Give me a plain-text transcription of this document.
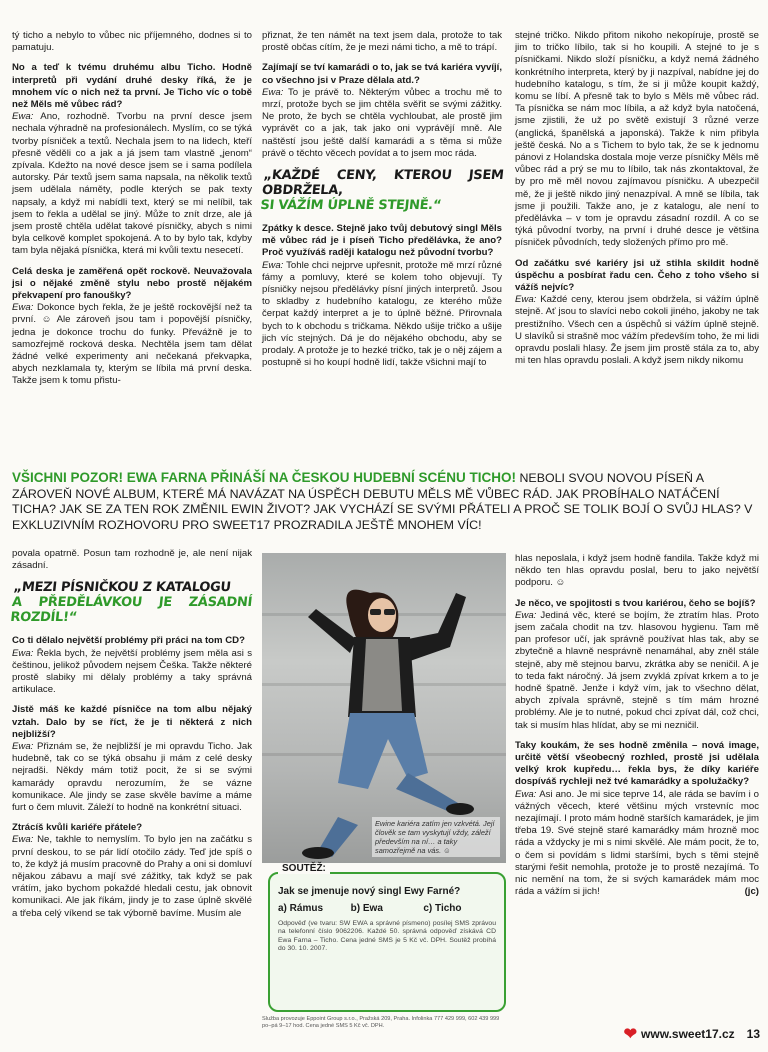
tý ticho a nebylo to vůbec nic příjemného, dodnes si to pamatuju.

No a teď k tvému druhému albu Ticho. Hodně interpretů při vydání druhé desky říká, že je mnohem víc o nich než ta první. Je Ticho víc o tobě než Měls mě vůbec rád?
Ewa: Ano, rozhodně. Tvorbu na první desce jsem nechala výhradně na profesionálech. Myslím, co se týká tvorby písniček a textů. Nechala jsem to na lidech, kteří přesně věděli co a jak a já jsem tam vlastně „jenom“ zpívala. Kdežto na nové desce jsem se i sama podílela autorsky. Pár textů jsem sama napsala, na několik textů jsem udělala náměty, podle kterých se pak texty napsaly, a když mi nabídli text, který se mi nelíbil, tak jsem to řekla a udělal se jiný. Může to znít drze, ale já jsem prostě chtěla udělat takové písničky, abych s nimi byla celkově komplet spokojená. A to by bylo tak, kdyby tam byla nějaká písnička, která mi kvůli textu nesecetí.

Celá deska je zaměřená opět rockově. Neuvažovala jsi o nějaké změně stylu nebo prostě nějakém překvapení pro fanoušky?
Ewa: Dokonce bych řekla, že je ještě rockovější než ta první. ☺ Ale zároveň jsou tam i popovější písničky, jedna je dokonce trochu do funky. Převážně je to samozřejmě rocková deska. Nechtěla jsem tam dělat žádné velké experimenty ani nečekaná překvapka, abych nezklamala ty, kterým se líbila má první deska. Takže jsem k tomu přistu-

přiznat, že ten námět na text jsem dala, protože to tak prostě občas cítím, že je mezi námi ticho, a mě to trápí.

Zajímají se tví kamarádi o to, jak se tvá kariéra vyvíjí, co všechno jsi v Praze dělala atd.?
Ewa: To je právě to. Některým vůbec a trochu mě to mrzí, protože bych se jim chtěla svěřit se svými zážitky. Ne proto, že bych se chtěla vychloubat, ale prostě jim vyprávět co a jak, tak jako oni vyprávějí mně. Ale naštěstí jsou ještě další kamarádi a s těma si může právě o těchto věcech povídat a to jsem moc ráda.

„KAŽDÉ CENY, KTEROU JSEM OBDRŽELA,
SI VÁŽÍM ÚPLNĚ STEJNĚ.“

Zpátky k desce. Stejně jako tvůj debutový singl Měls mě vůbec rád je i píseň Ticho předělávka, že ano? Proč využíváš raději katalogu než původní tvorbu?
Ewa: Tohle chci nejprve upřesnit, protože mě mrzí různé fámy a pomluvy, které se kolem toho objevují. Ty písničky nejsou předělávky písní jiných interpretů. Jsou to skladby z hudebního katalogu, ze kterého může čerpat každý interpret a je to úplně běžné. Přirovnala bych to k obchodu s tričkama. Někdo ušije tričko a ušije jich víc stejných. Dá je do nějakého obchodu, aby se prodaly. A protože je to hezké tričko, tak je o něj zájem a postupně si ho koupí hodně lidí, takže všichni mají to

stejné tričko. Nikdo přitom nikoho nekopíruje, prostě se jim to tričko líbilo, tak si ho koupili. A stejné to je s písničkami. Nikdo složí písničku, a když nemá žádného konkrétního interpreta, který by ji nazpíval, nabídne jej do hudebního katalogu, s tím, že si ji může koupit každý, komu se líbí. A přesně tak to bylo s Měls mě vůbec rád. Ta písnička se nám moc líbila, a až když byla natočená, jsme zjistili, že už po světě existují 3 různé verze (anglická, španělská a japonská). Takže k nim přibyla ještě česká. No a s Tichem to bylo tak, že se k jednomu pánovi z Holandska dostala moje verze písničky Měls mě vůbec rád a prý se mu to líbilo, tak nás zkontaktoval, že by pro mě měl novou zajímavou písničku. A ubezpečil mě, že ji ještě nikdo jiný nenazpíval. A mně se líbila, tak jsme ji použili. Takže ano, je z katalogu, ale není to předělávka – v tom je opravdu zásadní rozdíl. A co se týká původní tvorby, na první i druhé desce je většina písniček původních, tedy složených přímo pro mě.

Od začátku své kariéry jsi už stihla skildit hodně úspěchu a posbírat řadu cen. Čeho z toho všeho si vážíš nejvíc?
Ewa: Každé ceny, kterou jsem obdržela, si vážím úplně stejně. Ať jsou to slavíci nebo cokoli jiného, jakoby ne tak prestižního. Všech cen a úspěchů si vážím úplně stejně. U slavíků si strašně moc vážím především toho, že mi lidi opravdu poslali hlasy. Že jsem jim prostě stála za to, aby mi ten hlas opravdu poslali. A když jsem nikdy nikomu

VŠICHNI POZOR! EWA FARNA PŘINÁŠÍ NA ČESKOU HUDEBNÍ SCÉNU TICHO! NEBOLI SVOU NOVOU PÍSEŇ A ZÁROVEŇ NOVÉ ALBUM, KTERÉ MÁ NAVÁZAT NA ÚSPĚCH DEBUTU MĚLS MĚ VŮBEC RÁD. JAK PROBÍHALO NATÁČENÍ TICHА? JAK SE ZA TEN ROK ZMĚNIL EWIN ŽIVOT? JAK VYCHÁZÍ SE SVÝMI PŘÁTELI A PROČ SE TOLIK BOJÍ O SVŮJ HLAS? V EXKLUZIVNÍM ROZHOVORU PRO SWEET17 PROZRADILA JEŠTĚ MNOHEM VÍC!

povala opatrně. Posun tam rozhodně je, ale není nijak zásadní.

„MEZI PÍSNIČKOU Z KATALOGU
A PŘEDĚLÁVKOU JE ZÁSADNÍ ROZDÍL!“

Co ti dělalo největší problémy při práci na tom CD?
Ewa: Řekla bych, že největší problémy jsem měla asi s češtinou, jelikož původem nejsem Češka. Takže některé prostě slabiky mi dělaly problémy a taky správná artikulace.

Jistě máš ke každé písničce na tom albu nějaký vztah. Dalo by se říct, že je ti některá z nich nejbližší?
Ewa: Přiznám se, že nejbližší je mi opravdu Ticho. Jak hudebně, tak co se týká obsahu ji mám z celé desky nejradši. Někdy mám totiž pocit, že si se svými kamarády opravdu nerozumím, že se vázne komunikace. Ale jindy se zase skvěle bavíme a máme furt o čem mluvit. Záleží to hodně na konkrétní situaci.

Ztrácíš kvůli kariéře přátele?
Ewa: Ne, takhle to nemyslím. To bylo jen na začátku s první deskou, to se pár lidí otočilo zády. Teď jde spíš o to, že když já musím pracovně do Prahy a oni si domluví nějakou zábavu a mají své zážitky, tak když se pak vrátím, jako bychom pokaždé hledali cestu, jak obnovit komunikaci. Ale jak říkám, jindy je to zase úplně skvělé a třeba celý víkend se tak výborně bavíme. Musím ale

Ewine kariéra zatím jen vzkvétá. Její člověk se tam vyskytují vždy, záleží především na ní… a taky samozřejmě na vás. ☺
SOUTĚŽ:
Jak se jmenuje nový singl Ewy Farné?
a) Rámus	b) Ewa	c) Ticho
Odpověď (ve tvaru: SW EWA a správné písmeno) posílej SMS zprávou na telefonní číslo 9062206. Každé 50. správná odpověď získává CD Ewa Farna – Ticho. Cena jedné SMS je 5 Kč vč. DPH. Soutěž probíhá do 30. 10. 2007.
Služba provozuje Eppoint Group s.r.o., Pražská 209, Praha. Infolinka 777 429 999, 602 439 999 po–pá 9–17 hod. Cena jedné SMS 5 Kč vč. DPH.

hlas neposlala, i když jsem hodně fandila. Takže když mi někdo ten hlas opravdu poslal, beru to jako největší podporu. ☺

Je něco, ve spojitosti s tvou kariérou, čeho se bojíš?
Ewa: Jediná věc, které se bojím, že ztratím hlas. Proto jsem začala chodit na tzv. hlasovou hygienu. Tam mě pan profesor učí, jak správně používat hlas tak, aby se zbytečně a hlavně nesprávně nenamáhal, aby zněl stále stejně, aby mě stejnou barvu, zkrátka aby se neničil. A je to teda fakt náročný. Já jsem zvyklá zpívat krkem a to je hodně špatně. Jenže i když vím, jak to všechno dělat, abych zpívala správně, stejně s tím mám hrozné problémy. Ale je to nutné, pokud chci zpívat dál, což chci, tak si musím hlas hlídat, aby se mi nezničil.

Taky koukám, že ses hodně změnila – nová image, určitě větší všeobecný rozhled, prostě jsi udělala velký krok kupředu… řekla bys, že díky kariéře dospíváš rychleji než tvé kamarádky a spolužačky?
Ewa: Asi ano. Je mi sice teprve 14, ale ráda se bavím i o vážných věcech, které většinu mých vrstevníc moc nezajímají. I proto mám hodně starších kamarádek, je jim třeba 19. Své stejně staré kamarádky mám hrozně moc ráda a vždycky je mi s nimi skvělé. Ale mám pocit, že to, o čem si povídám s lidmi staršími, bych s těmi stejně starými řešit nemohla, protože je to prostě nezajímá. To nic nemění na tom, že si svých kamarádek mám moc ráda a vážím si jich!	(jc)

❤ www.sweet17.cz 13
